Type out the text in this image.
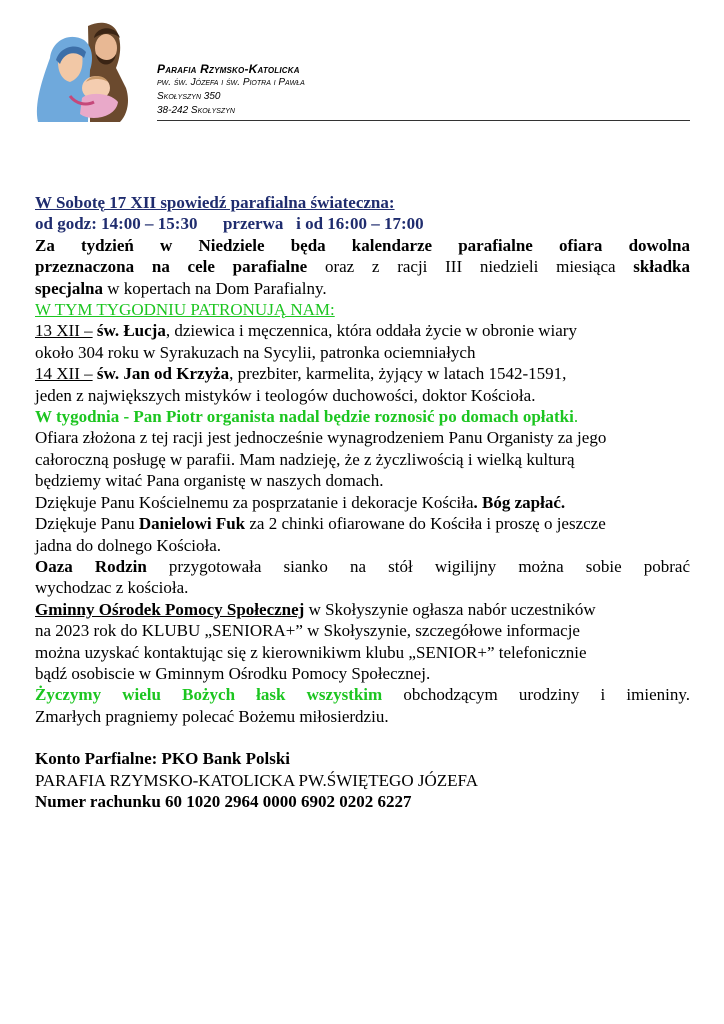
Parafia Rzymsko-Katolicka
pw. św. Józefa i św. Piotra i Pawła
Skołyszyn 350
38-242 Skołyszyn

W Sobotę 17 XII spowiedź parafialna świateczna:

od godz: 14:00 – 15:30 przerwa i od 16:00 – 17:00

Za tydzień w Niedziele będa kalendarze parafialne ofiara dowolna

przeznaczona na cele parafialne oraz z racji III niedzieli miesiąca składka

specjalna w kopertach na Dom Parafialny.

W TYM TYGODNIU PATRONUJĄ NAM:

13 XII – św. Łucja, dziewica i męczennica, która oddała życie w obronie wiary

około 304 roku w Syrakuzach na Sycylii, patronka ociemniałych

14 XII – św. Jan od Krzyża, prezbiter, karmelita, żyjący w latach 1542-1591,

jeden z największych mistyków i teologów duchowości, doktor Kościoła.

W tygodnia - Pan Piotr organista nadal będzie roznosić po domach opłatki.

Ofiara złożona z tej racji jest jednocześnie wynagrodzeniem Panu Organisty za jego

całoroczną posługę w parafii. Mam nadzieję, że z życzliwością i wielką kulturą

będziemy witać Pana organistę w naszych domach.

Dziękuje Panu Kościelnemu za posprzatanie i dekoracje Kościła. Bóg zapłać.

Dziękuje Panu Danielowi Fuk za 2 chinki ofiarowane do Kościła i proszę o jeszcze

jadna do dolnego Kościoła.

Oaza Rodzin przygotowała sianko na stół wigilijny można sobie pobrać

wychodzac z kościoła.

Gminny Ośrodek Pomocy Społecznej w Skołyszynie ogłasza nabór uczestników

na 2023 rok do KLUBU „SENIORA+” w Skołyszynie, szczegółowe informacje

można uzyskać kontaktując się z kierownikiwm klubu „SENIOR+” telefonicznie

bądź osobiscie w Gminnym Ośrodku Pomocy Społecznej.

Życzymy wielu Bożych łask wszystkim obchodzącym urodziny i imieniny.

Zmarłych pragniemy polecać Bożemu miłosierdziu.

Konto Parfialne: PKO Bank Polski

PARAFIA RZYMSKO-KATOLICKA PW.ŚWIĘTEGO JÓZEFA

Numer rachunku 60 1020 2964 0000 6902 0202 6227
